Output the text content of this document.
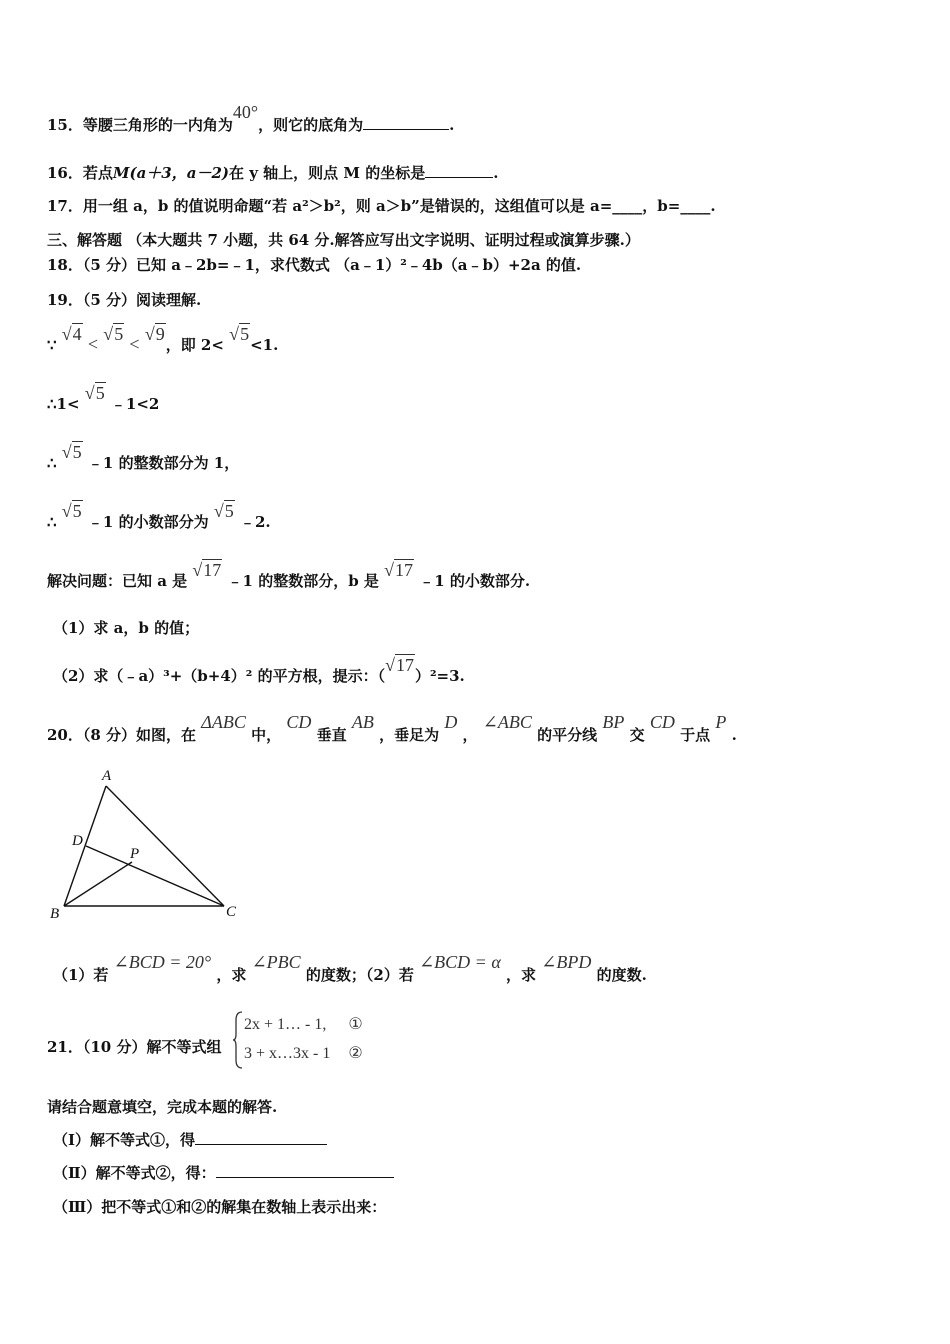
15．等腰三角形的一内角为40°，则它的底角为	.
16．若点M(a＋3，a－2)在 y 轴上，则点 M 的坐标是	.
17．用一组 a，b 的值说明命题“若 a²＞b²，则 a＞b”是错误的，这组值可以是 a=____，b=____.
三、解答题 （本大题共 7 小题，共 64 分.解答应写出文字说明、证明过程或演算步骤.）
18．（5 分）已知 a﹣2b=﹣1，求代数式 （a﹣1）²﹣4b（a﹣b）+2a 的值.
19．（5 分）阅读理解.
∵ √4 < √5 < √9，即 2< √5<1.
∴1< √5 ﹣1<2
∴ √5 ﹣1 的整数部分为 1，
∴ √5 ﹣1 的小数部分为 √5 ﹣2.
解决问题：已知 a 是 √17 ﹣1 的整数部分，b 是 √17 ﹣1 的小数部分.
（1）求 a，b 的值；
（2）求（﹣a）³+（b+4）² 的平方根，提示：（√17）²=3.
20．（8 分）如图，在 ΔABC 中， CD 垂直 AB ，垂足为 D ， ∠ABC 的平分线 BP 交 CD 于点 P .
A
B	C
D
P
（1）若 ∠BCD = 20° ，求 ∠PBC 的度数；（2）若 ∠BCD = α ，求 ∠BPD 的度数.
21．（10 分）解不等式组
2x + 1… - 1, ①
3 + x…3x - 1 ②
请结合题意填空，完成本题的解答.
（Ⅰ）解不等式①，得
（Ⅱ）解不等式②，得：
（Ⅲ）把不等式①和②的解集在数轴上表示出来：
